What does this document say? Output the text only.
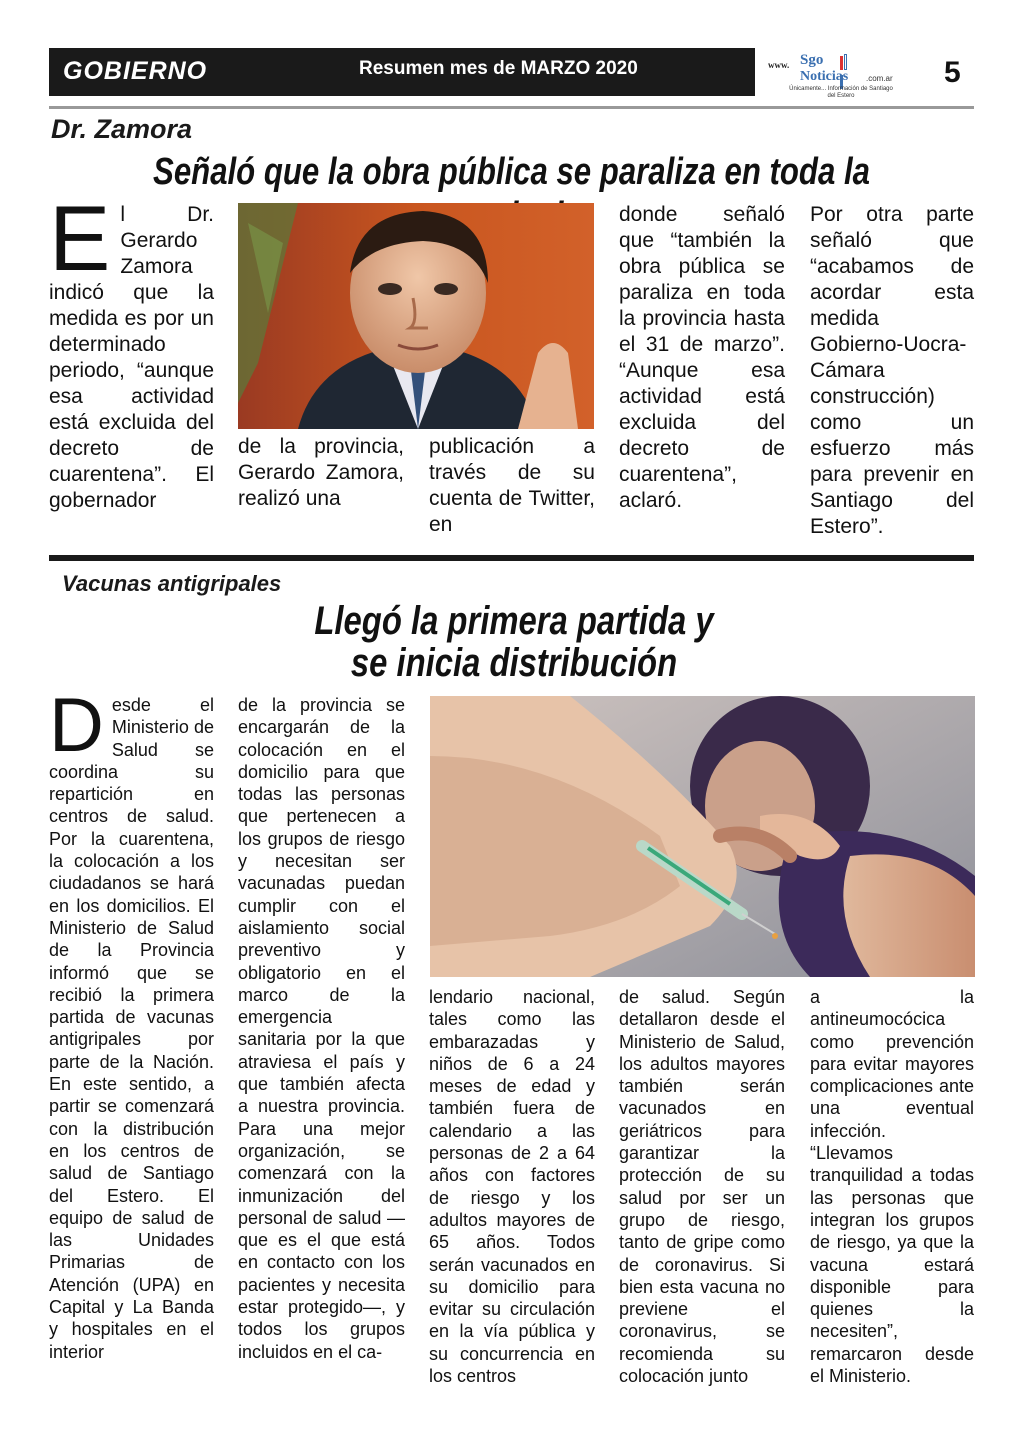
GOBIERNO	Resumen mes de MARZO 2020	www. Sgo
Noticias .com.ar
Únicamente... Información de Santiago del Estero
5
Dr. Zamora
Señaló que la obra pública se paraliza en toda la
El Dr. Gerardo Zamora indicó que la medida es por un determinado periodo, “aunque esa actividad está excluida del decreto de cuarentena”. El gobernador
de la provincia, Gerardo Zamora, realizó una
publicación a través de su cuenta de Twitter, en
donde señaló que “también la obra pública se paraliza en toda la provincia hasta el 31 de marzo”. “Aunque esa actividad está excluida del decreto de cuarentena”, aclaró.
Por otra parte señaló que “acabamos de acordar esta medida Gobierno-Uocra-Cámara construcción) como un esfuerzo más para prevenir en Santiago del Estero”.
Vacunas antigripales
Llegó la primera partida y
se inicia distribución
Desde el Ministerio de Salud se coordina su repartición en centros de salud. Por la cuarentena, la colocación a los ciudadanos se hará en los domicilios. El Ministerio de Salud de la Provincia informó que se recibió la primera partida de vacunas antigripales por parte de la Nación. En este sentido, a partir se comenzará con la distribución en los centros de salud de Santiago del Estero. El equipo de salud de las Unidades Primarias de Atención (UPA) en Capital y La Banda y hospitales en el interior
de la provincia se encargarán de la colocación en el domicilio para que todas las personas que pertenecen a los grupos de riesgo y necesitan ser vacunadas puedan cumplir con el aislamiento social preventivo y obligatorio en el marco de la emergencia sanitaria por la que atraviesa el país y que también afecta a nuestra provincia. Para una mejor organización, se comenzará con la inmunización del personal de salud —que es el que está en contacto con los pacientes y necesita estar protegido—, y todos los grupos incluidos en el ca-
lendario nacional, tales como las embarazadas y niños de 6 a 24 meses de edad y también fuera de calendario a las personas de 2 a 64 años con factores de riesgo y los adultos mayores de 65 años. Todos serán vacunados en su domicilio para evitar su circulación en la vía pública y su concurrencia en los centros
de salud. Según detallaron desde el Ministerio de Salud, los adultos mayores también serán vacunados en geriátricos para garantizar la protección de su salud por ser un grupo de riesgo, tanto de gripe como de coronavirus. Si bien esta vacuna no previene el coronavirus, se recomienda su colocación junto
a la antineumocócica como prevención para evitar mayores complicaciones ante una eventual infección. “Llevamos tranquilidad a todas las personas que integran los grupos de riesgo, ya que la vacuna estará disponible para quienes la necesiten”, remarcaron desde el Ministerio.
